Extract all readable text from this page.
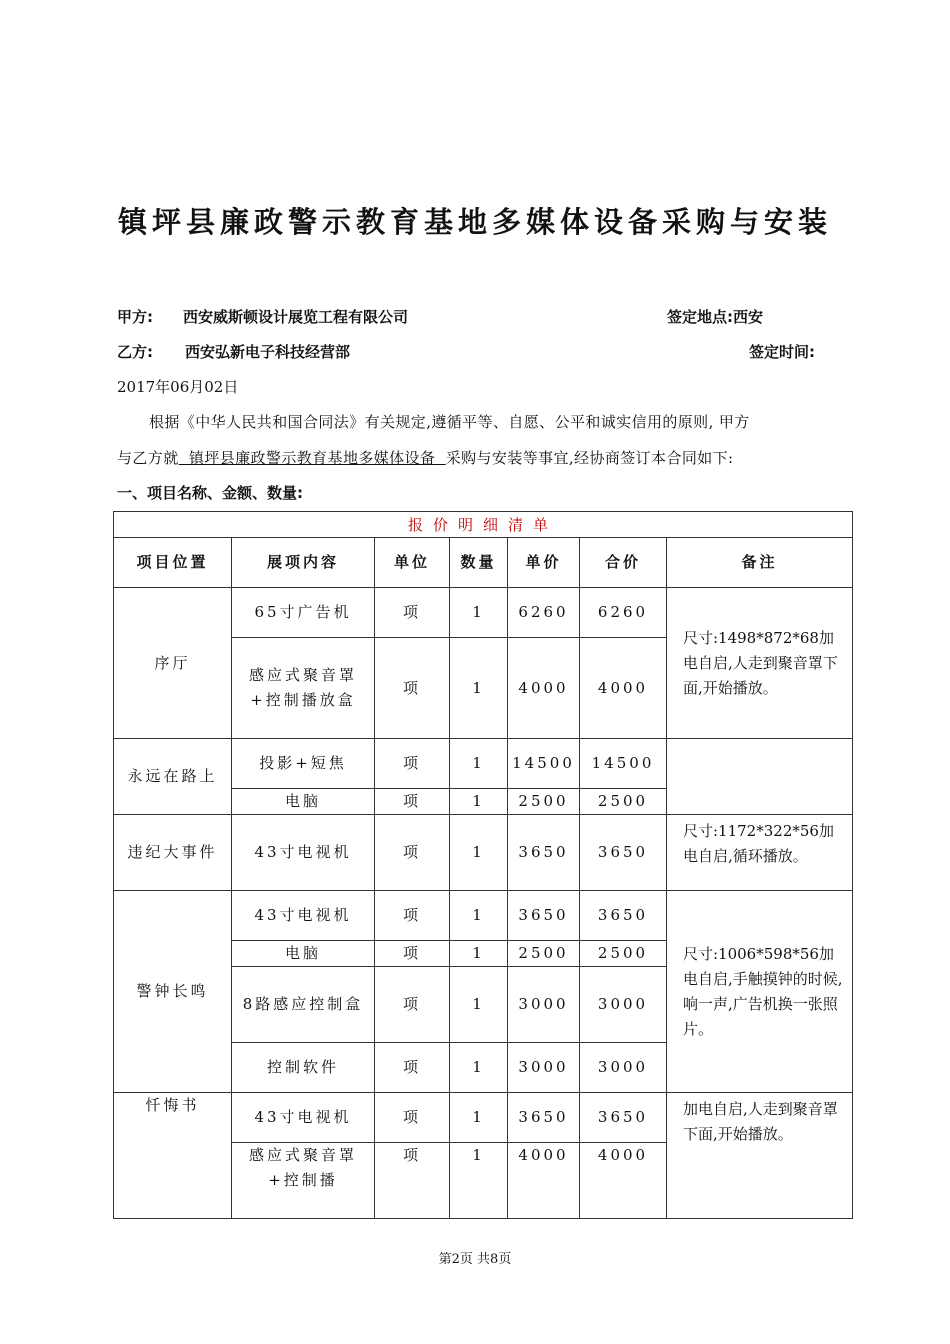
镇坪县廉政警示教育基地多媒体设备采购与安装
甲方: 西安威斯顿设计展览工程有限公司	签定地点:西安
乙方: 西安弘新电子科技经营部	签定时间:
2017年06月02日
根据《中华人民共和国合同法》有关规定,遵循平等、自愿、公平和诚实信用的原则, 甲方
与乙方就  镇坪县廉政警示教育基地多媒体设备  采购与安装等事宜,经协商签订本合同如下:
一、项目名称、金额、数量:
报价明细清单						
项目位置	展项内容	单位	数量	单价	合价	备注
序厅	65寸广告机	项	1	6260	6260	尺寸:1498*872*68加电自启,人走到聚音罩下面,开始播放。
	感应式聚音罩+控制播放盒	项	1	4000	4000	
永远在路上	投影+短焦	项	1	14500	14500	
	电脑	项	1	2500	2500	
违纪大事件	43寸电视机	项	1	3650	3650	尺寸:1172*322*56加电自启,循环播放。
警钟长鸣	43寸电视机	项	1	3650	3650	尺寸:1006*598*56加电自启,手触摸钟的时候,响一声,广告机换一张照片。
	电脑	项	1	2500	2500	
	8路感应控制盒	项	1	3000	3000	
	控制软件	项	1	3000	3000	
忏悔书	43寸电视机	项	1	3650	3650	加电自启,人走到聚音罩下面,开始播放。
	感应式聚音罩+控制播	项	1	4000	4000	
第2页 共8页
